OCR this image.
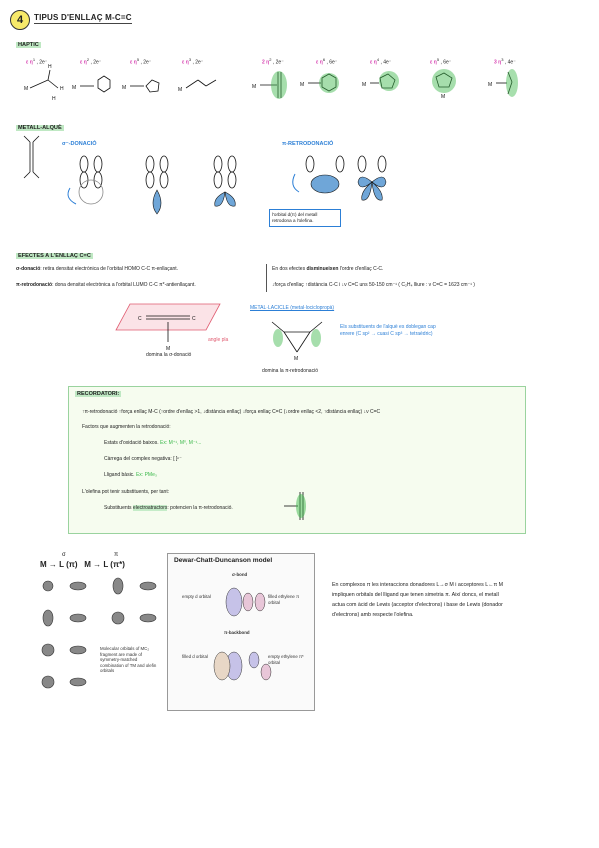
4	TIPUS D'ENLLAÇ M-C=C
HAPTIC
ε $\eta^1$ , 2e⁻	ε $\eta^2$ , 2e⁻	ε $\eta^5$ , 2e⁻	ε $\eta^3$ , 2e⁻	2 $\eta^2$ , 2e⁻	ε $\eta^6$ , 6e⁻	ε $\eta^4$ , 4e⁻	ε $\eta^5$ , 6e⁻	3 $\eta^3$ , 4e⁻
M
H
H
H
M	M	M	M	M	M
M
M
METALL-ALQUÈ
σ⁻-DONACIÓ	π-RETRODONACIÓ
l'orbital d(π) del metall retrodona a l'olefina.
EFECTES A L'ENLLAÇ C=C
σ-donació: retira densitat electrònica de l'orbital HOMO C-C π-enllaçant.
π-retrodonació: dona densitat electrònica a l'orbital LUMO C-C π*-antienllaçant.
En dos efectes disminueixen l'ordre d'enllaç C-C.
↓força d'enllaç ↑distància C-C i ↓ν C=C uns 50-150 cm⁻¹ ( C₂H₄ lliure : ν C=C = 1623 cm⁻¹ )
C	C
M
M
angle pla
domina la σ-donació
METAL·LACICLE (metal·lociclopropà)
Els substituents de l'alquè es doblegan cap enrere (C sp² → cuasi C sp³ → tetraèdric)
domina la π-retrodonació
RECORDATORI:
↑π-retrodonació ↑força enllaç M-C (↑ordre d'enllaç >1, ↓distància enllaç) ↓força enllaç C=C (↓ordre enllaç <2, ↑distància enllaç) ↓ν C=C
Factors que augmenten la retrodonació:
Estats d'oxidació baixos. Ex: M⁺¹, M⁰, M⁻¹...
Càrrega del complex negativa: [ ]ⁿ⁻
Lligand bàsic. Ex: PMe₃
L'olefina pot tenir substituents, per tant:
Substituents electroatractors: potencien la π-retrodonació.
M → L (π) M → L (π*)
σ	π
Molecular orbitals of MC₂ fragment are made of symmetry-matched combination of TM and olefin orbitals
Dewar-Chatt-Duncanson model
σ-bond
empty d orbital	filled ethylene π orbital
π-backbond
filled d orbital	empty ethylene π* orbital
En complexos π les interaccions donadores L→σ M i acceptores L←π M
impliquen orbitals del lligand que tenen simetria π. Així doncs, el metall
actua com àcid de Lewis (acceptor d'electrons) i base de Lewis (donador
d'electrons) amb respecte l'olefina.
